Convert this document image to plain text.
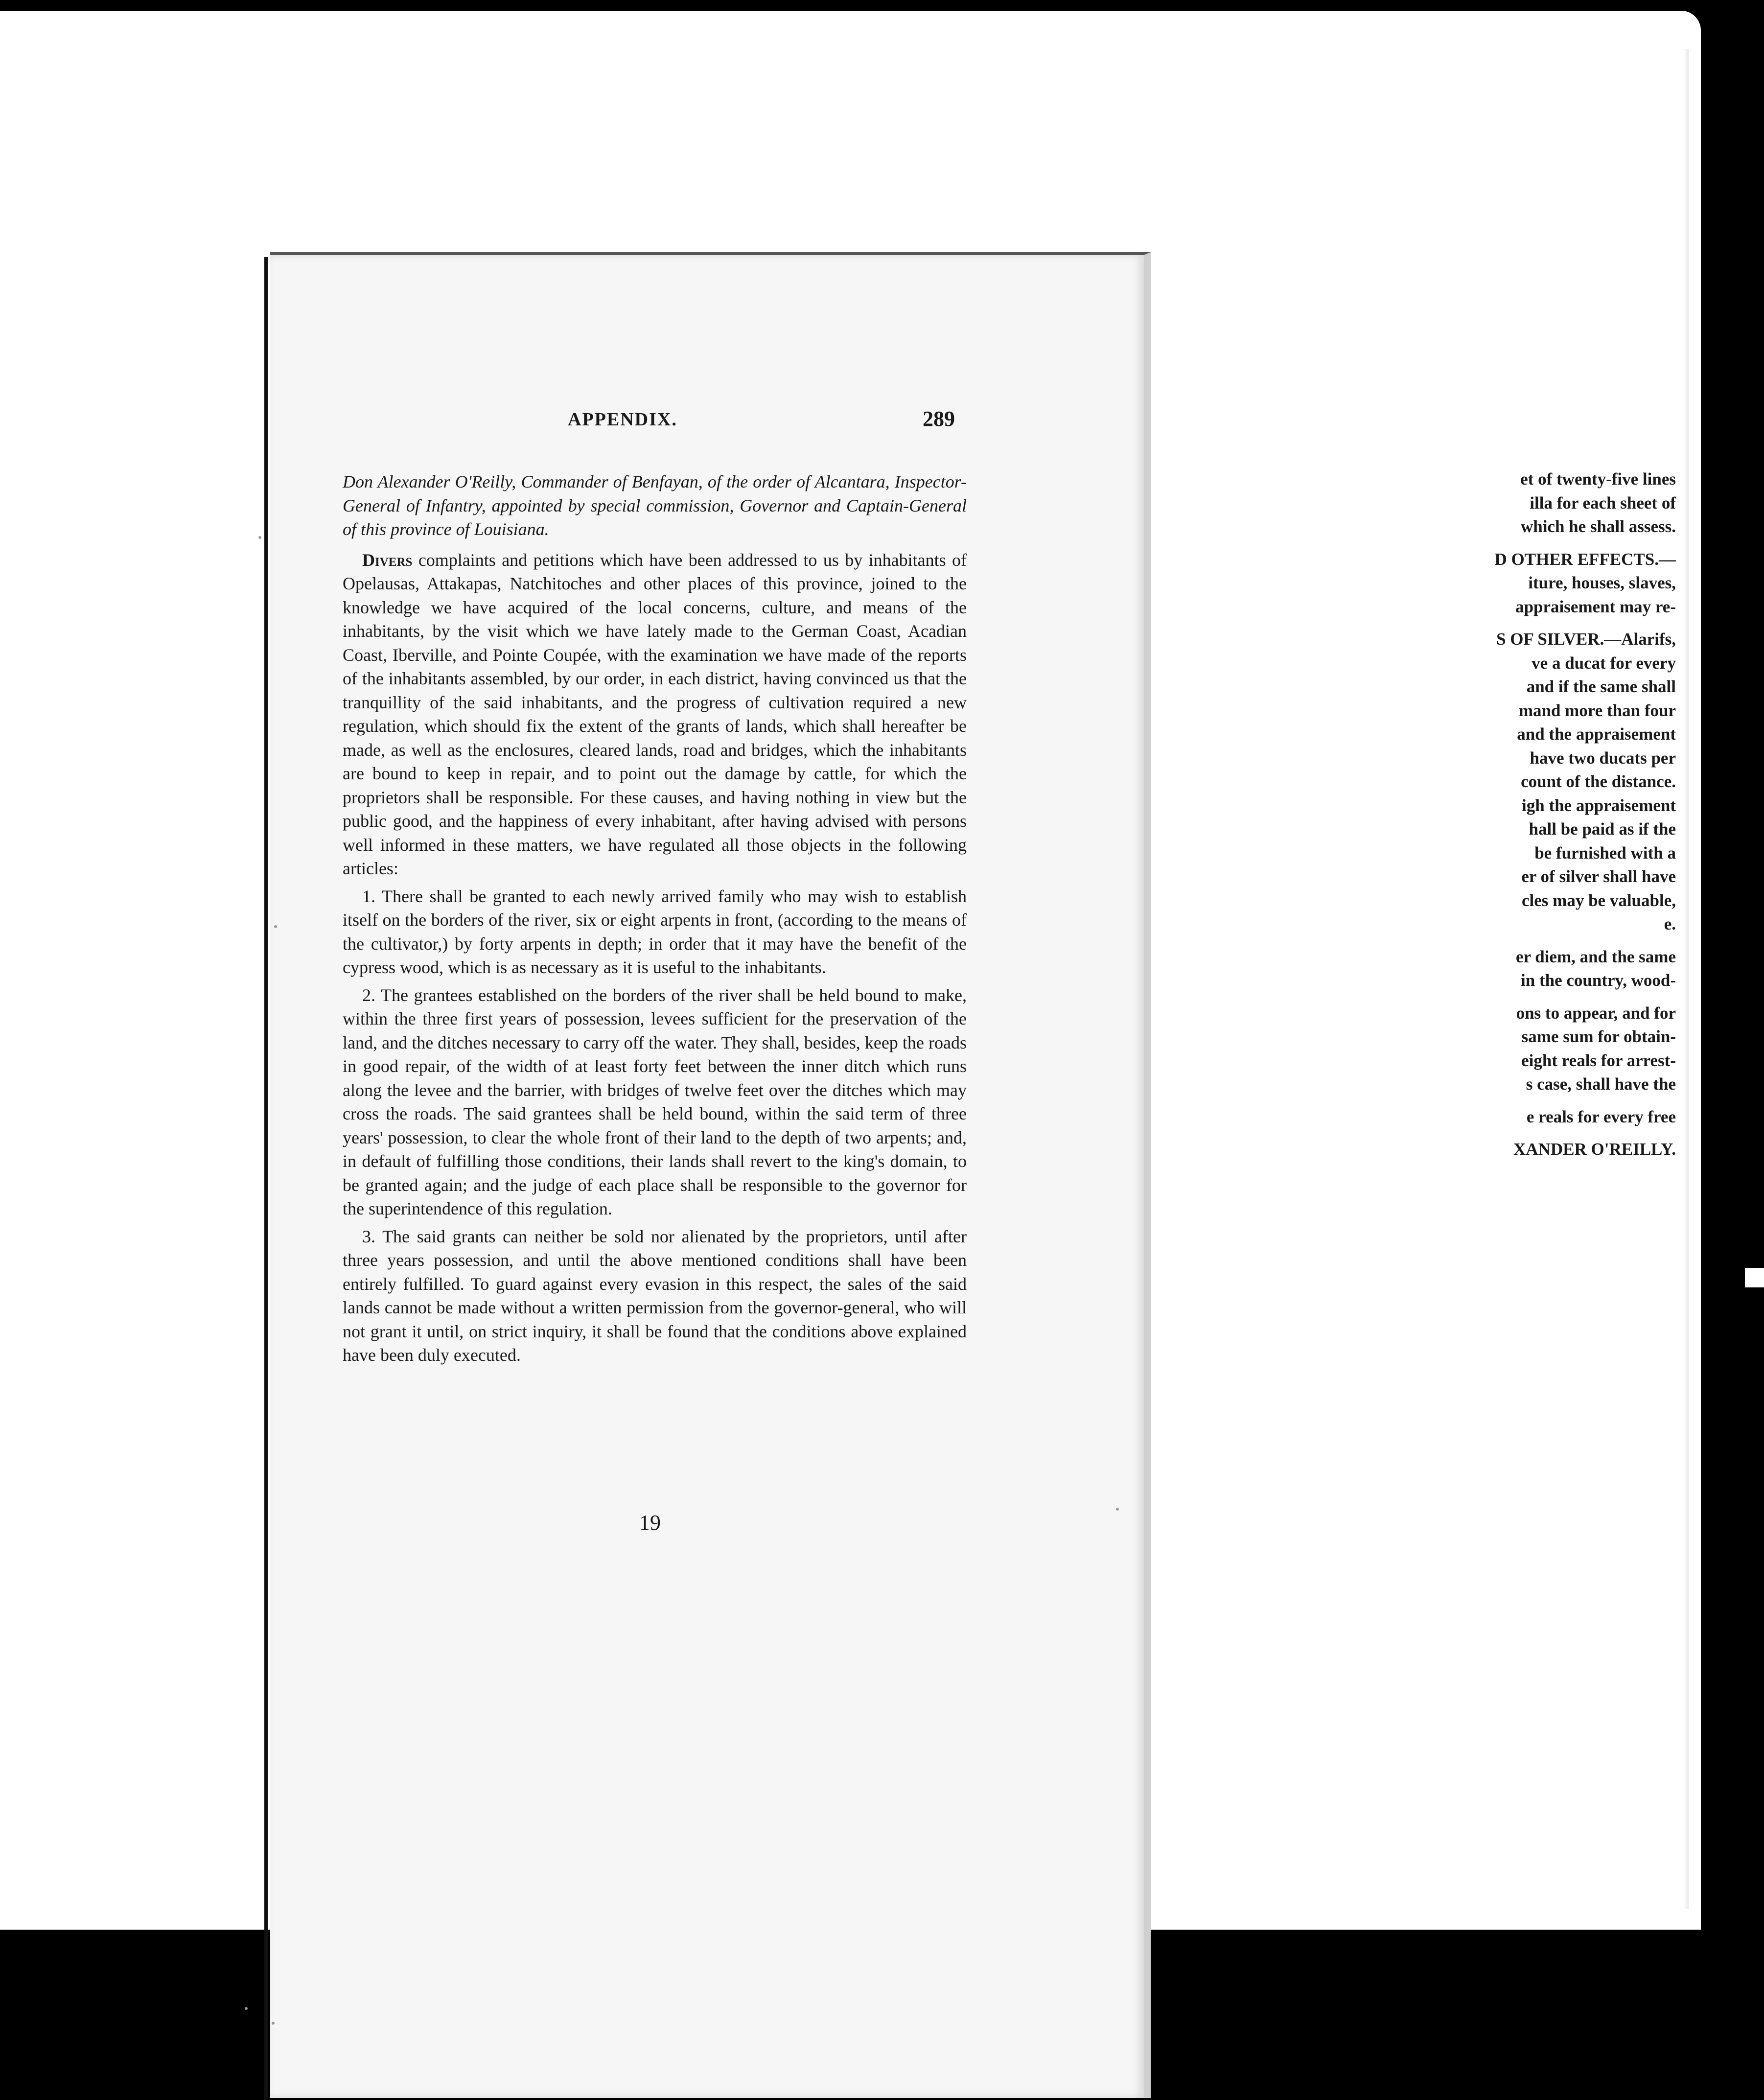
et of twenty-five lines
illa for each sheet of
which he shall assess.
D OTHER EFFECTS.—
iture, houses, slaves,
appraisement may re-
S OF SILVER.—Alarifs,
ve a ducat for every
and if the same shall
mand more than four
and the appraisement
have two ducats per
count of the distance.
igh the appraisement
hall be paid as if the
be furnished with a
er of silver shall have
cles may be valuable,
e.
er diem, and the same
in the country, wood-
ons to appear, and for
same sum for obtain-
eight reals for arrest-
s case, shall have the
e reals for every free
XANDER O'REILLY.
APPENDIX.	289

Don Alexander O'Reilly, Commander of Benfayan, of the order of Alcantara, Inspector-General of Infantry, appointed by special commission, Governor and Captain-General of this province of Louisiana.

Divers complaints and petitions which have been addressed to us by inhabitants of Opelausas, Attakapas, Natchitoches and other places of this province, joined to the knowledge we have acquired of the local concerns, culture, and means of the inhabitants, by the visit which we have lately made to the German Coast, Acadian Coast, Iberville, and Pointe Coupée, with the examination we have made of the reports of the inhabitants assembled, by our order, in each district, having convinced us that the tranquillity of the said inhabitants, and the progress of cultivation required a new regulation, which should fix the extent of the grants of lands, which shall hereafter be made, as well as the enclosures, cleared lands, road and bridges, which the inhabitants are bound to keep in repair, and to point out the damage by cattle, for which the proprietors shall be responsible. For these causes, and having nothing in view but the public good, and the happiness of every inhabitant, after having advised with persons well informed in these matters, we have regulated all those objects in the following articles:

1. There shall be granted to each newly arrived family who may wish to establish itself on the borders of the river, six or eight arpents in front, (according to the means of the cultivator,) by forty arpents in depth; in order that it may have the benefit of the cypress wood, which is as necessary as it is useful to the inhabitants.

2. The grantees established on the borders of the river shall be held bound to make, within the three first years of possession, levees sufficient for the preservation of the land, and the ditches necessary to carry off the water. They shall, besides, keep the roads in good repair, of the width of at least forty feet between the inner ditch which runs along the levee and the barrier, with bridges of twelve feet over the ditches which may cross the roads. The said grantees shall be held bound, within the said term of three years' possession, to clear the whole front of their land to the depth of two arpents; and, in default of fulfilling those conditions, their lands shall revert to the king's domain, to be granted again; and the judge of each place shall be responsible to the governor for the superintendence of this regulation.

3. The said grants can neither be sold nor alienated by the proprietors, until after three years possession, and until the above mentioned conditions shall have been entirely fulfilled. To guard against every evasion in this respect, the sales of the said lands cannot be made without a written permission from the governor-general, who will not grant it until, on strict inquiry, it shall be found that the conditions above explained have been duly executed.

19
